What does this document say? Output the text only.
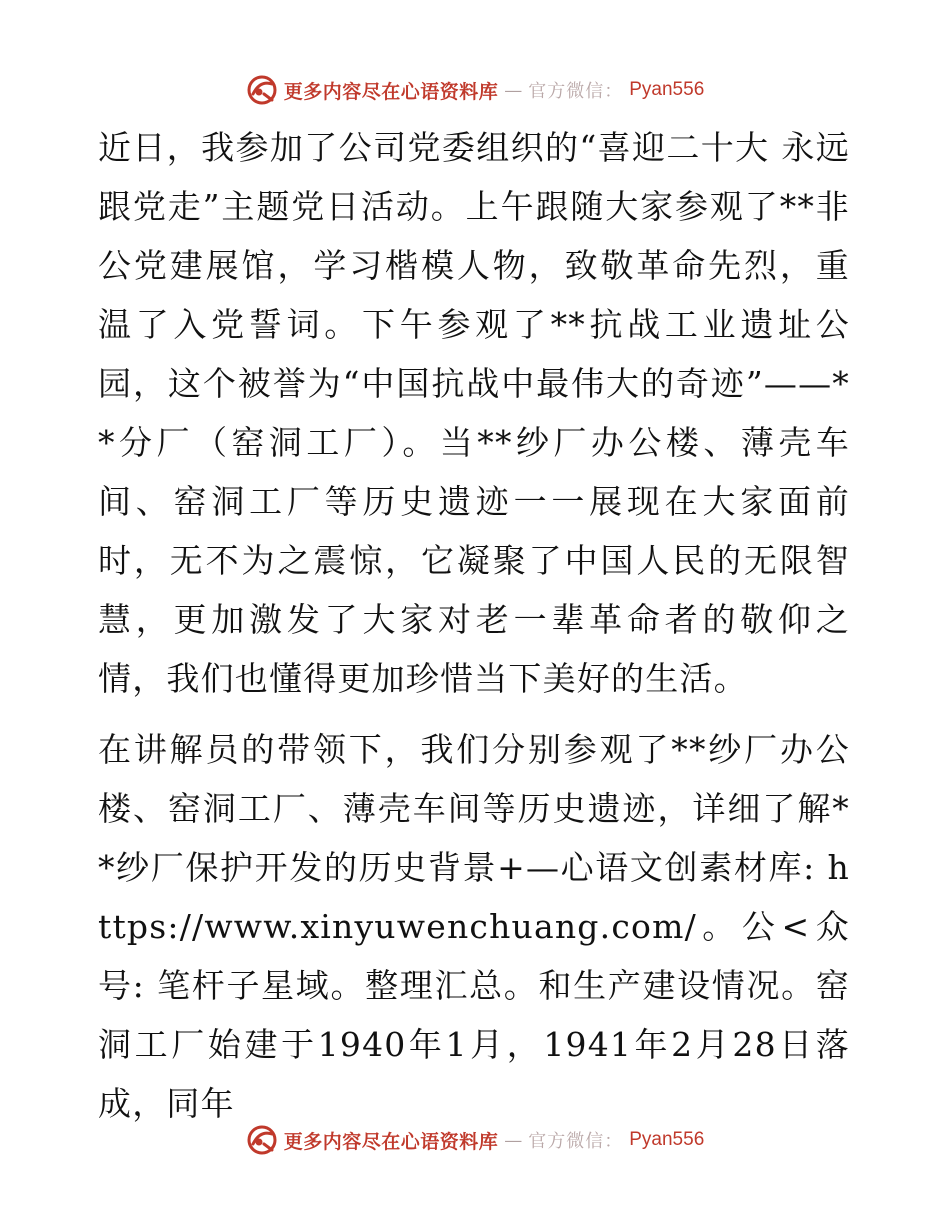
更多内容尽在心语资料库 — 官方微信： Pyan556

近日，我参加了公司党委组织的“喜迎二十大 永远跟党走”主题党日活动。上午跟随大家参观了**非公党建展馆，学习楷模人物，致敬革命先烈，重温了入党誓词。下午参观了**抗战工业遗址公园，这个被誉为“中国抗战中最伟大的奇迹”——**分厂（窑洞工厂）。当**纱厂办公楼、薄壳车间、窑洞工厂等历史遗迹一一展现在大家面前时，无不为之震惊，它凝聚了中国人民的无限智慧，更加激发了大家对老一辈革命者的敬仰之情，我们也懂得更加珍惜当下美好的生活。

在讲解员的带领下，我们分别参观了**纱厂办公楼、窑洞工厂、薄壳车间等历史遗迹，详细了解**纱厂保护开发的历史背景+—心语文创素材库: https://www.xinyuwenchuang.com/。公<众号: 笔杆子星域。整理汇总。和生产建设情况。窑洞工厂始建于1940年1月，1941年2月28日落成，同年

更多内容尽在心语资料库 — 官方微信： Pyan556
